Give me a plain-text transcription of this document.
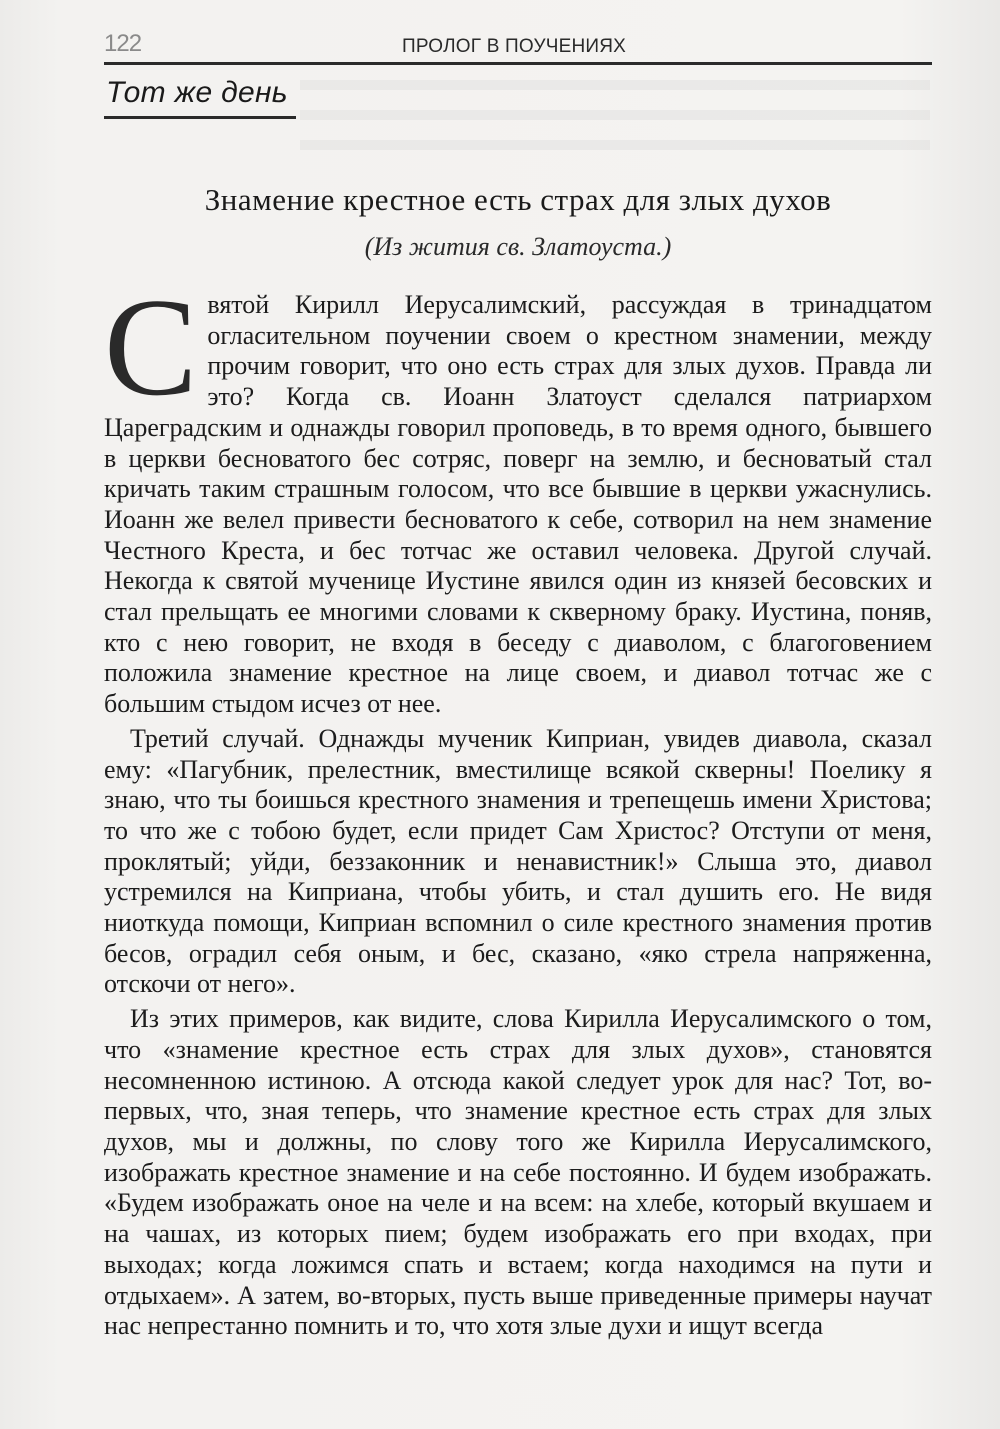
122	ПРОЛОГ В ПОУЧЕНИЯХ
Тот же день
Знамение крестное есть страх для злых духов
(Из жития св. Златоуста.)

Святой Кирилл Иерусалимский, рассуждая в тринадцатом огласительном поучении своем о крестном знамении, между прочим говорит, что оно есть страх для злых духов. Правда ли это? Когда св. Иоанн Златоуст сделался патриархом Цареградским и однажды говорил проповедь, в то время одного, бывшего в церкви бесноватого бес сотряс, поверг на землю, и бесноватый стал кричать таким страшным голосом, что все бывшие в церкви ужаснулись. Иоанн же велел привести бесноватого к себе, сотворил на нем знамение Честного Креста, и бес тотчас же оставил человека. Другой случай. Некогда к святой мученице Иустине явился один из князей бесовских и стал прельщать ее многими словами к скверному браку. Иустина, поняв, кто с нею говорит, не входя в беседу с диаволом, с благоговением положила знамение крестное на лице своем, и диавол тотчас же с большим стыдом исчез от нее.

Третий случай. Однажды мученик Киприан, увидев диавола, сказал ему: «Пагубник, прелестник, вместилище всякой скверны! Поелику я знаю, что ты боишься крестного знамения и трепещешь имени Христова; то что же с тобою будет, если придет Сам Христос? Отступи от меня, проклятый; уйди, беззаконник и ненавистник!» Слыша это, диавол устремился на Киприана, чтобы убить, и стал душить его. Не видя ниоткуда помощи, Киприан вспомнил о силе крестного знамения против бесов, оградил себя оным, и бес, сказано, «яко стрела напряженна, отскочи от него».

Из этих примеров, как видите, слова Кирилла Иерусалимского о том, что «знамение крестное есть страх для злых духов», становятся несомненною истиною. А отсюда какой следует урок для нас? Тот, во-первых, что, зная теперь, что знамение крестное есть страх для злых духов, мы и должны, по слову того же Кирилла Иерусалимского, изображать крестное знамение и на себе постоянно. И будем изображать. «Будем изображать оное на челе и на всем: на хлебе, который вкушаем и на чашах, из которых пием; будем изображать его при входах, при выходах; когда ложимся спать и встаем; когда находимся на пути и отдыхаем». А затем, во-вторых, пусть выше приведенные примеры научат нас непрестанно помнить и то, что хотя злые духи и ищут всегда
